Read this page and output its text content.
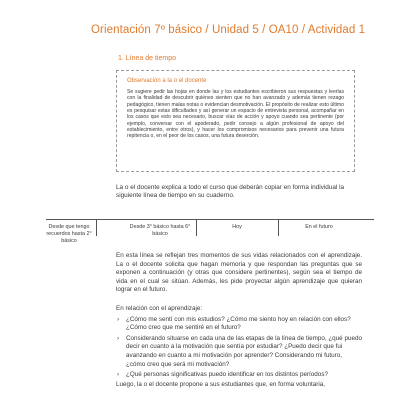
Orientación 7º básico / Unidad 5 / OA10 / Actividad 1
1. Línea de tiempo

Observación a la o el docente

Se sugiere pedir las hojas en donde las y los estudiantes escribieron sus respuestas y leerlas con la finalidad de descubrir quiénes sienten que no han avanzado y además tienen rezago pedagógico, tienen malas notas o evidencian desmotivación. El propósito de realizar esto último es pesquisar estas dificultades y así generar un espacio de entrevista personal, acompañar en los casos que esto sea necesario, buscar vías de acción y apoyo cuando sea pertinente (por ejemplo, conversar con el apoderado, pedir consejo a algún profesional de apoyo del establecimiento, entre otros), y hacer los compromisos necesarios para prevenir una futura repitencia o, en el peor de los casos, una futura deserción.

La o el docente explica a todo el curso que deberán copiar en forma individual la siguiente línea de tiempo en su cuaderno.

Desde que tengo recuerdos hasta 2° básico
Desde 3° básico hasta 6° básico
Hoy	En el futuro

En esta línea se reflejan tres momentos de sus vidas relacionados con el aprendizaje. La o el docente solicita que hagan memoria y que respondan las preguntas que se exponen a continuación (y otras que considere pertinentes), según sea el tiempo de vida en el cual se sitúan. Además, les pide proyectar algún aprendizaje que quieran lograr en el futuro.

En relación con el aprendizaje:

› ¿Cómo me sentí con mis estudios? ¿Cómo me siento hoy en relación con ellos? ¿Cómo creo que me sentiré en el futuro?
› Considerando situarse en cada una de las etapas de la línea de tiempo, ¿qué puedo decir en cuanto a la motivación que sentía por estudiar? ¿Puedo decir que fui avanzando en cuanto a mi motivación por aprender? Considerando mi futuro, ¿cómo creo que será mi motivación?
› ¿Qué personas significativas puedo identificar en los distintos períodos?

Luego, la o el docente propone a sus estudiantes que, en forma voluntaria,
